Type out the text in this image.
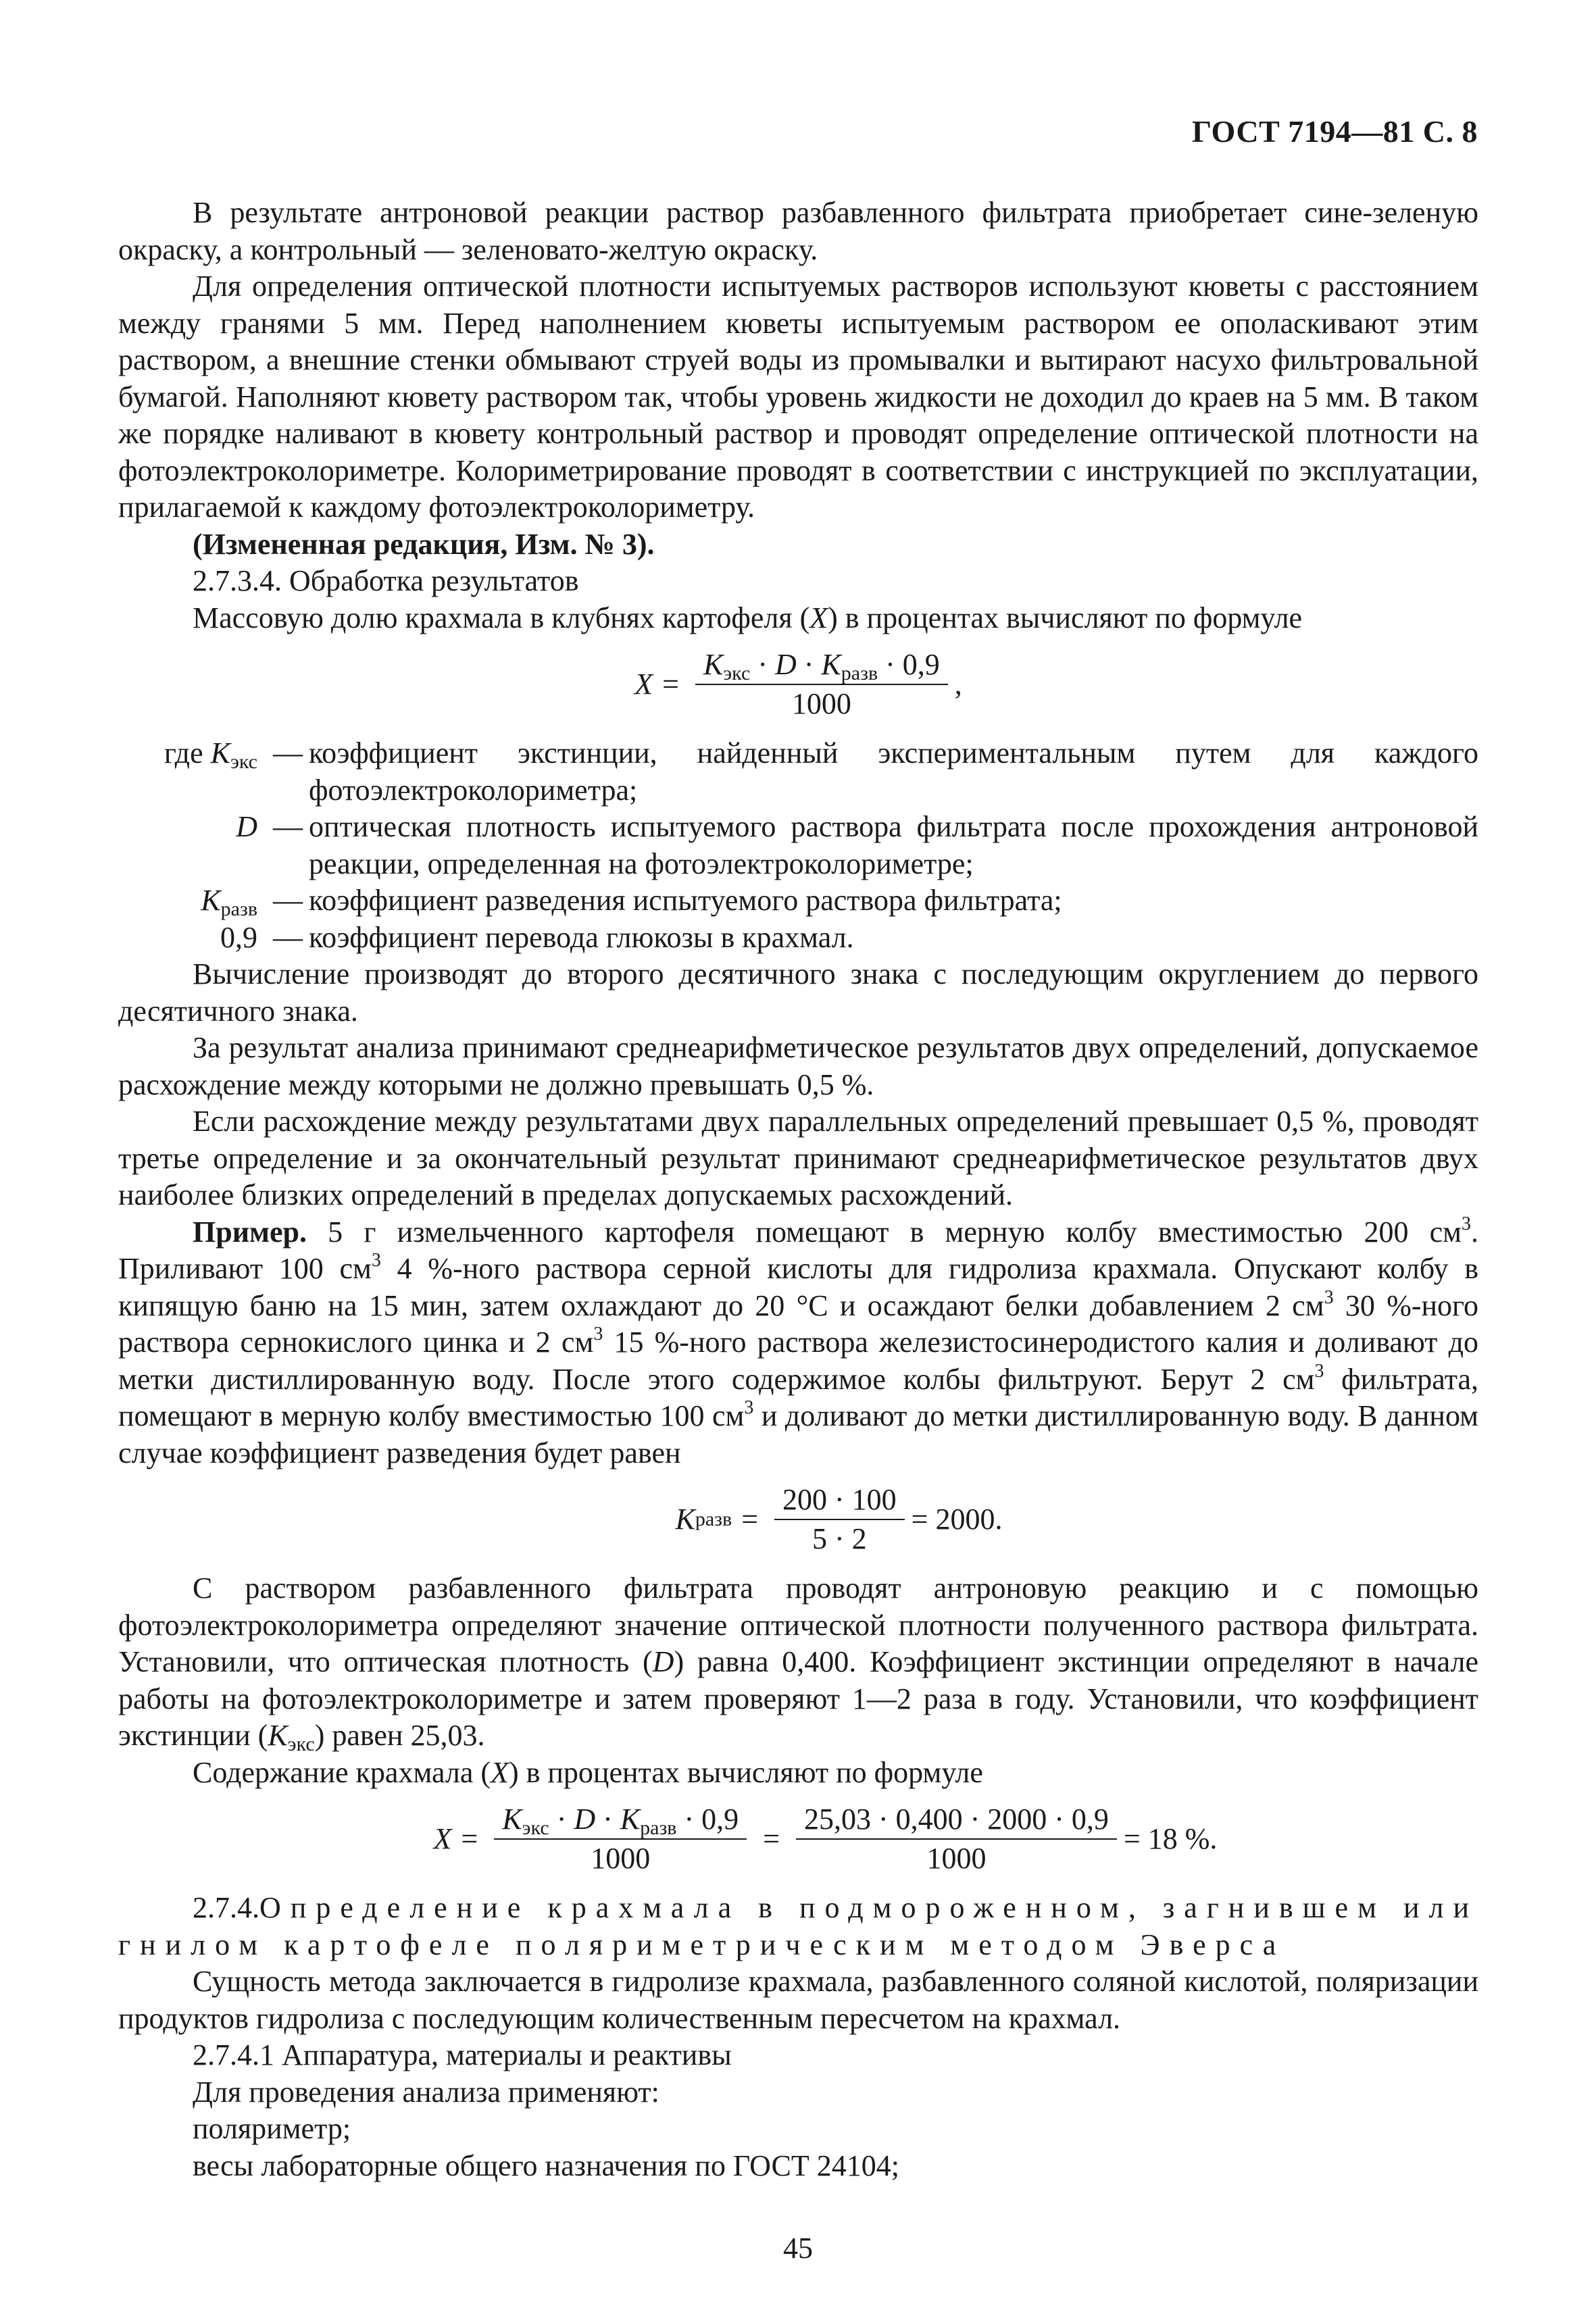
ГОСТ 7194—81 С. 8

В результате антроновой реакции раствор разбавленного фильтрата приобретает сине-зеленую окраску, а контрольный — зеленовато-желтую окраску.

Для определения оптической плотности испытуемых растворов используют кюветы с расстоянием между гранями 5 мм. Перед наполнением кюветы испытуемым раствором ее ополаскивают этим раствором, а внешние стенки обмывают струей воды из промывалки и вытирают насухо фильтровальной бумагой. Наполняют кювету раствором так, чтобы уровень жидкости не доходил до краев на 5 мм. В таком же порядке наливают в кювету контрольный раствор и проводят определение оптической плотности на фотоэлектроколориметре. Колориметрирование проводят в соответствии с инструкцией по эксплуатации, прилагаемой к каждому фотоэлектроколориметру.

(Измененная редакция, Изм. № 3).

2.7.3.4. Обработка результатов

Массовую долю крахмала в клубнях картофеля (X) в процентах вычисляют по формуле

$X = \frac{K_{экс} \cdot D \cdot K_{разв} \cdot 0,9}{1000}$ ,
где $K_{экс}$ — коэффициент экстинции, найденный экспериментальным путем для каждого фотоэлектроколориметра;
D — оптическая плотность испытуемого раствора фильтрата после прохождения антроновой реакции, определенная на фотоэлектроколориметре;
$K_{разв}$ — коэффициент разведения испытуемого раствора фильтрата;
0,9 — коэффициент перевода глюкозы в крахмал.

Вычисление производят до второго десятичного знака с последующим округлением до первого десятичного знака.

За результат анализа принимают среднеарифметическое результатов двух определений, допускаемое расхождение между которыми не должно превышать 0,5 %.

Если расхождение между результатами двух параллельных определений превышает 0,5 %, проводят третье определение и за окончательный результат принимают среднеарифметическое результатов двух наиболее близких определений в пределах допускаемых расхождений.

Пример. 5 г измельченного картофеля помещают в мерную колбу вместимостью 200 $см^3$. Приливают 100 $см^3$ 4 %-ного раствора серной кислоты для гидролиза крахмала. Опускают колбу в кипящую баню на 15 мин, затем охлаждают до 20 °С и осаждают белки добавлением 2 $см^3$ 30 %-ного раствора сернокислого цинка и 2 $см^3$ 15 %-ного раствора железистосинеродистого калия и доливают до метки дистиллированную воду. После этого содержимое колбы фильтруют. Берут 2 $см^3$ фильтрата, помещают в мерную колбу вместимостью 100 $см^3$ и доливают до метки дистиллированную воду. В данном случае коэффициент разведения будет равен

K разв = $\frac{200 \cdot 100}{5 \cdot 2} = 2000$.

С раствором разбавленного фильтрата проводят антроновую реакцию и с помощью фотоэлектроколориметра определяют значение оптической плотности полученного раствора фильтрата. Установили, что оптическая плотность (D) равна 0,400. Коэффициент экстинции определяют в начале работы на фотоэлектроколориметре и затем проверяют 1—2 раза в году. Установили, что коэффициент экстинции $(K_{экс})$ равен 25,03.

Содержание крахмала (X) в процентах вычисляют по формуле

$X = \frac{K_{экс} \cdot D \cdot K_{разв} \cdot 0,9}{1000} = \frac{25,03 \cdot 0,400 \cdot 2000 \cdot 0,9}{1000} = 18$ %.

2.7.4.Определение крахмала в подмороженном, загнившем или гнилом картофеле поляриметрическим методом Эверса

Сущность метода заключается в гидролизе крахмала, разбавленного соляной кислотой, поляризации продуктов гидролиза с последующим количественным пересчетом на крахмал.

2.7.4.1 Аппаратура, материалы и реактивы

Для проведения анализа применяют:

поляриметр;

весы лабораторные общего назначения по ГОСТ 24104;

45
